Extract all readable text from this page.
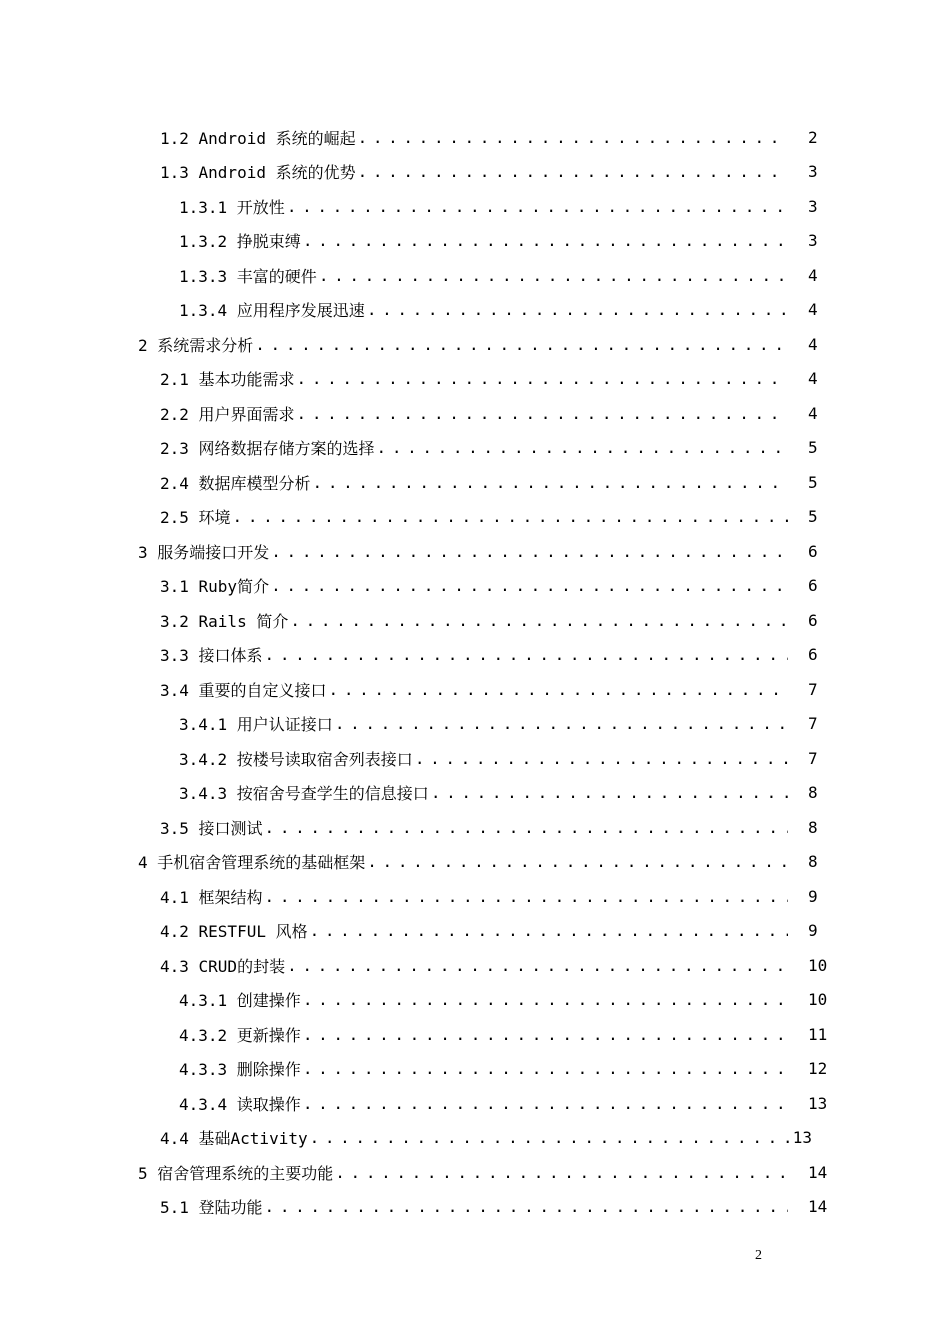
1.2 Android 系统的崛起 . . .	2
1.3 Android 系统的优势 . . .	3
1.3.1 开放性 . . .	3
1.3.2 挣脱束缚 . . .	3
1.3.3 丰富的硬件 . . .	4
1.3.4 应用程序发展迅速 . . .	4
2 系统需求分析 . . .	4
2.1 基本功能需求 . . .	4
2.2 用户界面需求 . . .	4
2.3 网络数据存储方案的选择 . . .	5
2.4 数据库模型分析 . . .	5
2.5 环境 . . .	5
3 服务端接口开发 . . .	6
3.1 Ruby简介 . . .	6
3.2 Rails 简介 . . .	6
3.3 接口体系 . . .	6
3.4 重要的自定义接口 . . .	7
3.4.1 用户认证接口 . . .	7
3.4.2 按楼号读取宿舍列表接口 . . .	7
3.4.3 按宿舍号查学生的信息接口 . . .	8
3.5 接口测试 . . .	8
4 手机宿舍管理系统的基础框架 . . .	8
4.1 框架结构 . . .	9
4.2 RESTFUL 风格 . . .	9
4.3 CRUD的封装 . . .	10
4.3.1 创建操作 . . .	10
4.3.2 更新操作 . . .	11
4.3.3 删除操作 . . .	12
4.3.4 读取操作 . . .	13
4.4 基础Activity . . .	13
5 宿舍管理系统的主要功能 . . .	14
5.1 登陆功能 . . .	14
2
